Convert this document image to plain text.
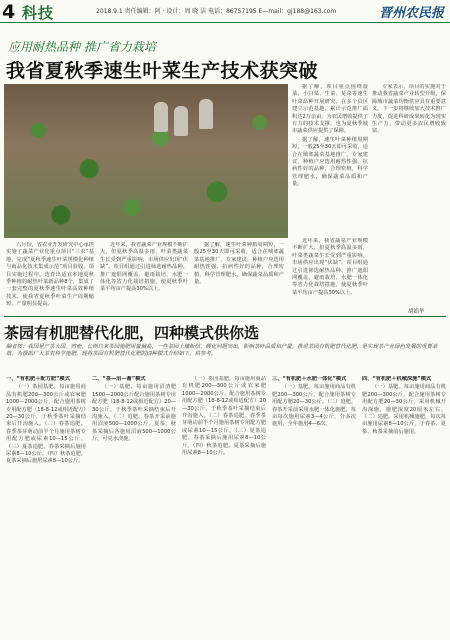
4 科技	2018.9.1 责任编辑：阿 · 设计：周 晓 洁 电话：86757195 E—mail：gj188@163.com	晋州农民报
应用耐热品种 推广省力栽培
我省夏秋季速生叶菜生产技术获突破

据了解，项目重点围绕菠菜、小白菜、生菜、苋菜等速生叶菜品种开展研究，在多个县区建立示范基地，累计示范推广面积达2万余亩，为农民增收提供了有力的技术支撑，也为夏秋季城市蔬菜供应提供了保障。

据了解，速生叶菜种植周期短，一般25至30天即可采收，适合在城郊蔬菜基地推广。专家建议，种植户应选用耐热性强、抗病性好的品种，合理密植，科学管理肥水，确保蔬菜品质和产量。

专家表示，项目的实施对于推动我省蔬菜产业转型升级、保障城市蔬菜均衡供应具有重要意义。下一步将继续加大技术推广力度，促进科研成果转化为现实生产力，带动更多农民增收致富。

六月份，省农业开发研究中心承担实施了蔬菜产业化重点项目“三农”基地，完成“夏秋季速生叶菜规模化种植与商品化技术集成示范”项目验收。项目实施过程中，选育出适宜本地夏秋季种植的耐热叶菜新品种8个，集成了一套完整的夏秋季速生叶菜高效种植技术，使我省夏秋季叶菜生产周期缩短、产量明显提高。

近年来，我省蔬菜产业规模不断扩大，但夏秋季高温多雨，叶菜类蔬菜生长受到严重影响，市场供应出现“伏缺”。项目组通过引进筛选耐热品种、推广遮阳网覆盖、避雨栽培、水肥一体化等省力化栽培措施，使夏秋季叶菜平均亩产提高30%以上。

据了解，速生叶菜种植周期短，一般25至30天即可采收，适合在城郊蔬菜基地推广。专家建议，种植户应选用耐热性强、抗病性好的品种，合理密植，科学管理肥水，确保蔬菜品质和产量。

近年来，我省蔬菜产业规模不断扩大，但夏秋季高温多雨，叶菜类蔬菜生长受到严重影响，市场供应出现“伏缺”。项目组通过引进筛选耐热品种、推广遮阳网覆盖、避雨栽培、水肥一体化等省力化栽培措施，使夏秋季叶菜平均亩产提高30%以上。

胡娟华
茶园有机肥替代化肥，四种模式供你选
编者按：我国是产茶大国，然而，长期以来茶园施肥用量偏高，一些茶园土壤板结、酸化问题突出，影响茶叶品质和产量。推进茶园有机肥替代化肥，是实现茶产业绿色发展的重要举措。为帮助广大茶农科学施肥，现将茶园有机肥替代化肥的四种模式介绍如下，供参考。

一、“有机肥＋配方肥”模式

（一）茶园基肥。每亩施用商品有机肥200—300公斤或农家肥1000—2000公斤，配合施用茶树专用配方肥（18-8-12或相近配方）20—30公斤，于秋季茶叶采摘结束后开沟施入。（二）春茶追肥。春季茶芽萌动前半个月施用茶树专用配方肥或尿素10—15公斤。（三）夏茶追肥。春茶采摘后施用尿素8—10公斤。（四）秋茶追肥。夏茶采摘后施用尿素8—10公斤。

二、“茶—沼—畜”模式

（一）基肥。每亩施用沼渣肥1500—2000公斤配合施用茶树专用配方肥（18-8-12或相近配方）20—30公斤，于秋季茶叶采摘结束后开沟施入。（二）追肥。春茶开采前施用沼液500—1000公斤，夏茶、秋茶采摘后各施用沼液500—1000公斤，可兑水浇施。

（一）茶园基肥。每亩施用商品有机肥200—300公斤或农家肥1000—2000公斤，配合施用茶树专用配方肥（18-8-12或相近配方）20—30公斤，于秋季茶叶采摘结束后开沟施入。（二）春茶追肥。春季茶芽萌动前半个月施用茶树专用配方肥或尿素10—15公斤。（三）夏茶追肥。春茶采摘后施用尿素8—10公斤。（四）秋茶追肥。夏茶采摘后施用尿素8—10公斤。

三、“有机肥＋水肥一体化”模式

（一）基肥。每亩施用商品有机肥200—300公斤，配合施用茶树专用配方肥20—30公斤。（二）追肥。春茶开采前采用水肥一体化施肥，每亩每次施用尿素3—4公斤，分多次施用，全年施用4—6次。

四、“有机肥＋机械深施”模式

（一）基肥。每亩施用商品有机肥200—300公斤，配合施用茶树专用配方肥20—30公斤，采用机械开沟深施，施肥深度20厘米左右。（二）追肥。采用机械施肥，每次每亩施用尿素8—10公斤，于春茶、夏茶、秋茶采摘前后施用。
